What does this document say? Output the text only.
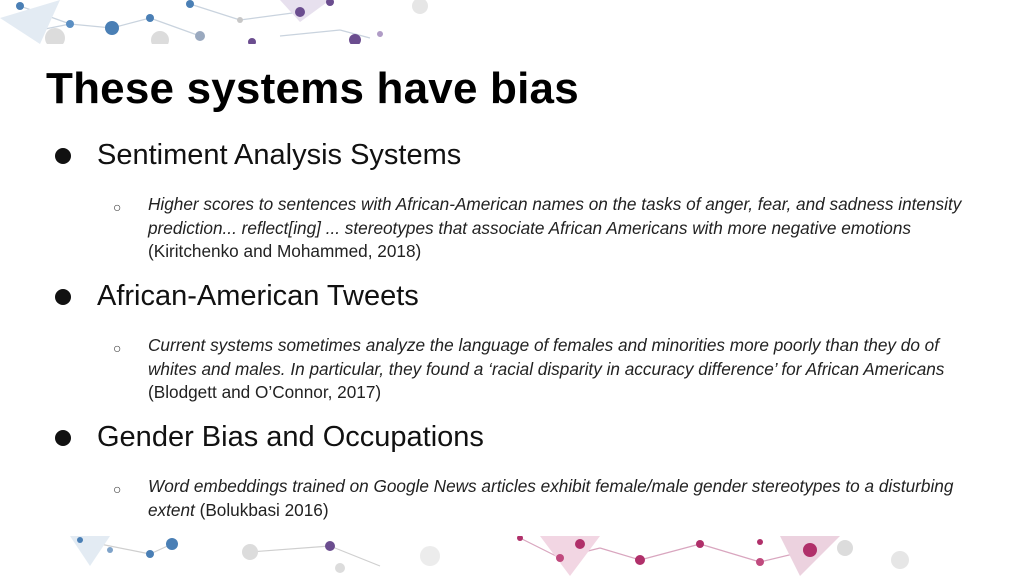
These systems have bias
Sentiment Analysis Systems
○ Higher scores to sentences with African-American names on the tasks of anger, fear, and sadness intensity prediction... reflect[ing] ... stereotypes that associate African Americans with more negative emotions (Kiritchenko and Mohammed, 2018)
African-American Tweets
○ Current systems sometimes analyze the language of females and minorities more poorly than they do of whites and males. In particular, they found a ‘racial disparity in accuracy difference’ for African Americans (Blodgett and O’Connor, 2017)
Gender Bias and Occupations
○ Word embeddings trained on Google News articles exhibit female/male gender stereotypes to a disturbing extent (Bolukbasi 2016)
